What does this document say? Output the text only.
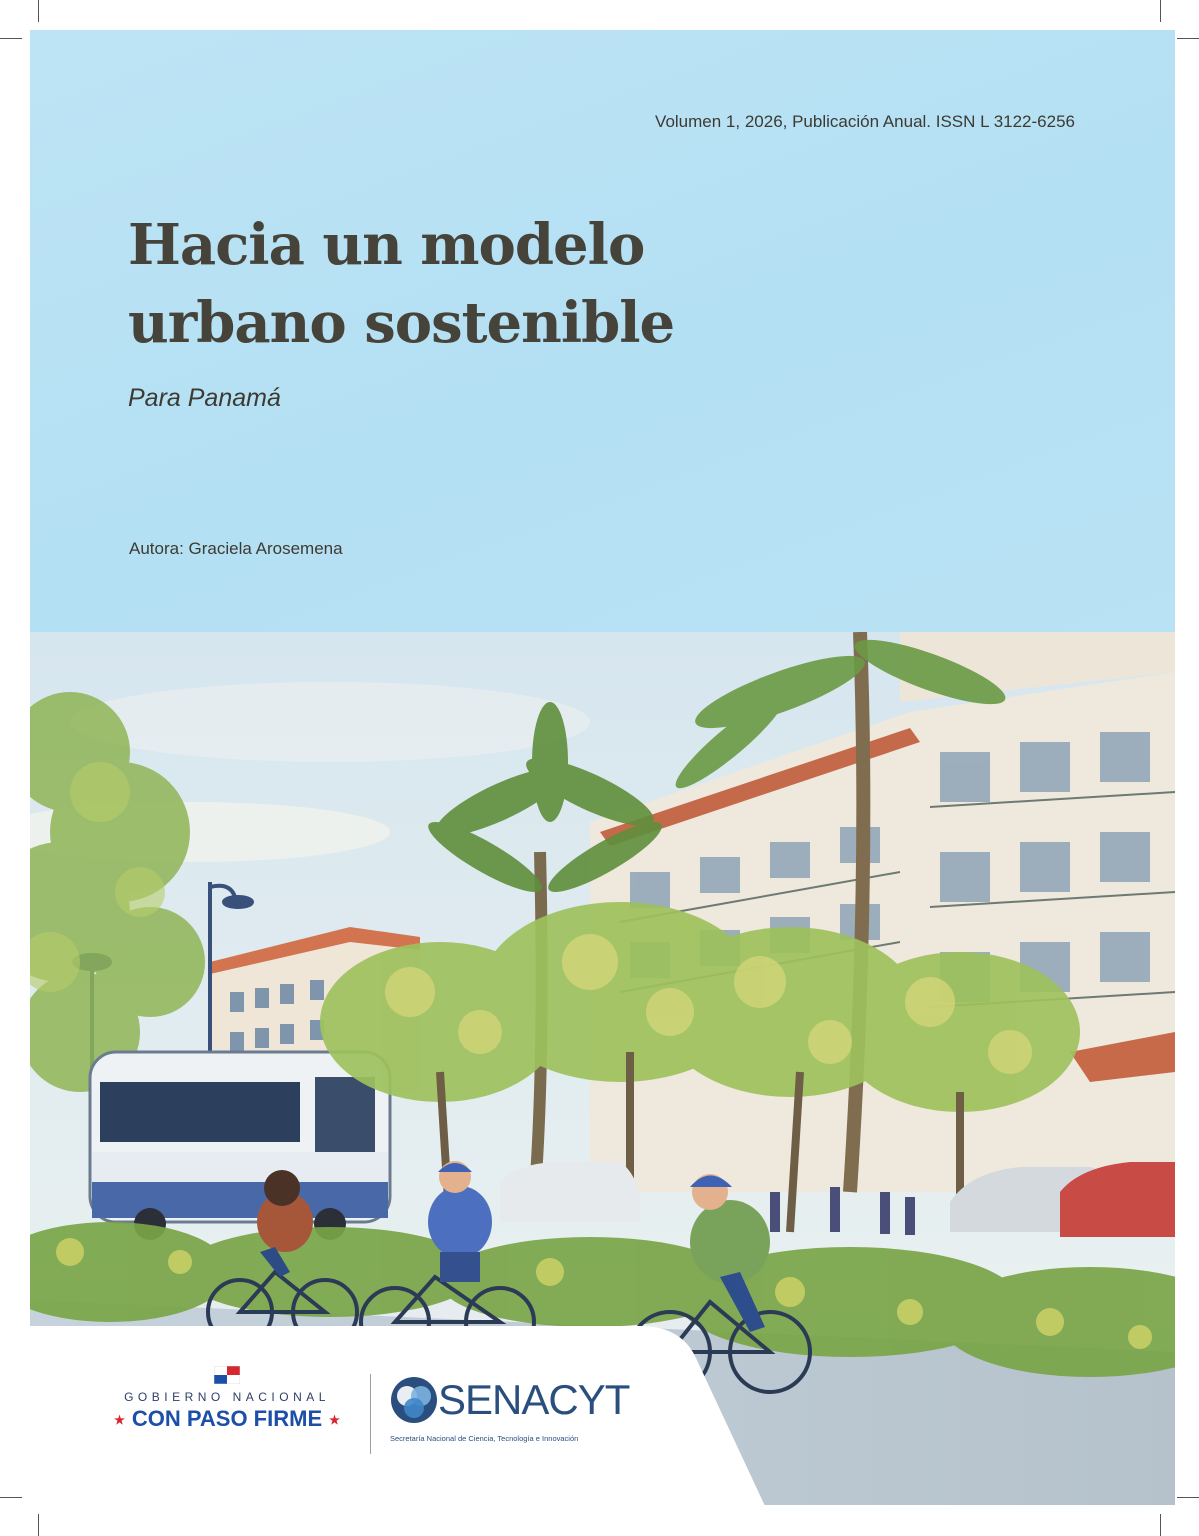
Volumen 1, 2026, Publicación Anual. ISSN L 3122-6256
Hacia un modelo
urbano sostenible
Para Panamá
Autora: Graciela Arosemena
GOBIERNO NACIONAL
★ CON PASO FIRME ★	SENACYT
Secretaría Nacional de Ciencia, Tecnología e Innovación
